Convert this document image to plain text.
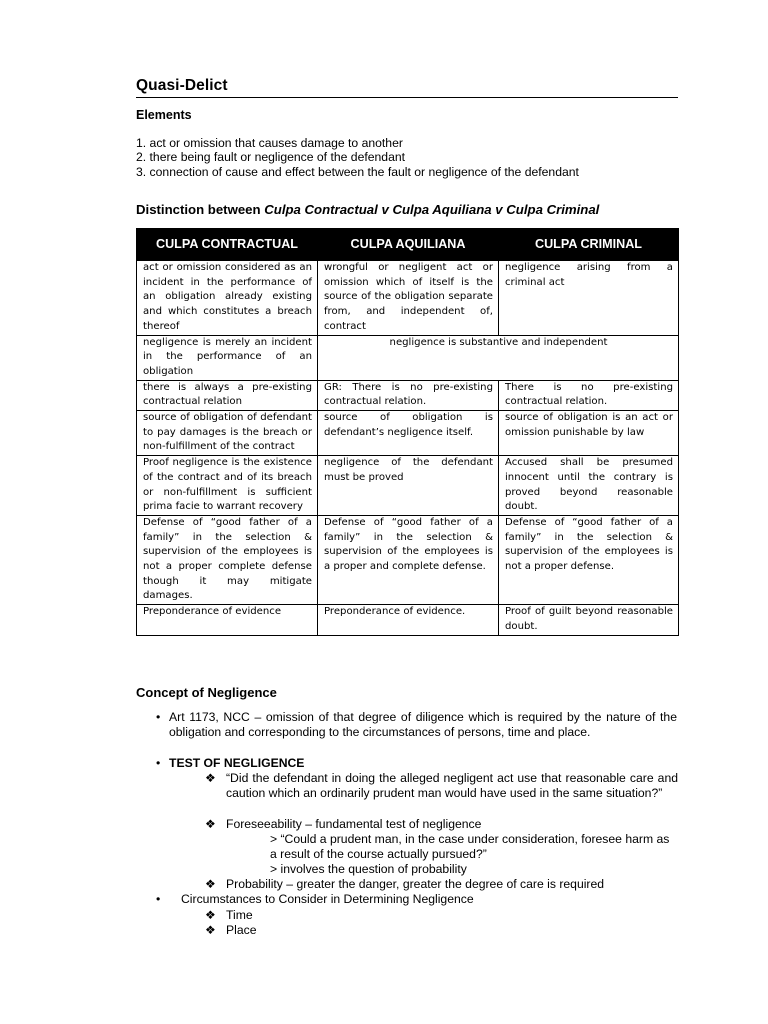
Quasi-Delict
Elements
1. act or omission that causes damage to another
2. there being fault or negligence of the defendant
3. connection of cause and effect between the fault or negligence of the defendant
Distinction between Culpa Contractual v Culpa Aquiliana v Culpa Criminal
CULPA CONTRACTUAL	CULPA AQUILIANA	CULPA CRIMINAL
act or omission considered as an incident in the performance of an obligation already existing and which constitutes a breach thereof	wrongful or negligent act or omission which of itself is the source of the obligation separate from, and independent of, contract	negligence arising from a criminal act
negligence is merely an incident in the performance of an obligation	negligence is substantive and independent	
there is always a pre-existing contractual relation	GR: There is no pre-existing contractual relation.	There is no pre-existing contractual relation.
source of obligation of defendant to pay damages is the breach or non-fulfillment of the contract	source of obligation is defendant’s negligence itself.	source of obligation is an act or omission punishable by law
Proof negligence is the existence of the contract and of its breach or non-fulfillment is sufficient prima facie to warrant recovery	negligence of the defendant must be proved	Accused shall be presumed innocent until the contrary is proved beyond reasonable doubt.
Defense of “good father of a family” in the selection & supervision of the employees is not a proper complete defense though it may mitigate damages.	Defense of “good father of a family” in the selection & supervision of the employees is a proper and complete defense.	Defense of “good father of a family” in the selection & supervision of the employees is not a proper defense.
Preponderance of evidence	Preponderance of evidence.	Proof of guilt beyond reasonable doubt.
Concept of Negligence
• Art 1173, NCC – omission of that degree of diligence which is required by the nature of the obligation and corresponding to the circumstances of persons, time and place.
• TEST OF NEGLIGENCE
❖ “Did the defendant in doing the alleged negligent act use that reasonable care and caution which an ordinarily prudent man would have used in the same situation?”
❖ Foreseeability – fundamental test of negligence
> “Could a prudent man, in the case under consideration, foresee harm as a result of the course actually pursued?”
> involves the question of probability
❖ Probability – greater the danger, greater the degree of care is required
• Circumstances to Consider in Determining Negligence
❖ Time
❖ Place
